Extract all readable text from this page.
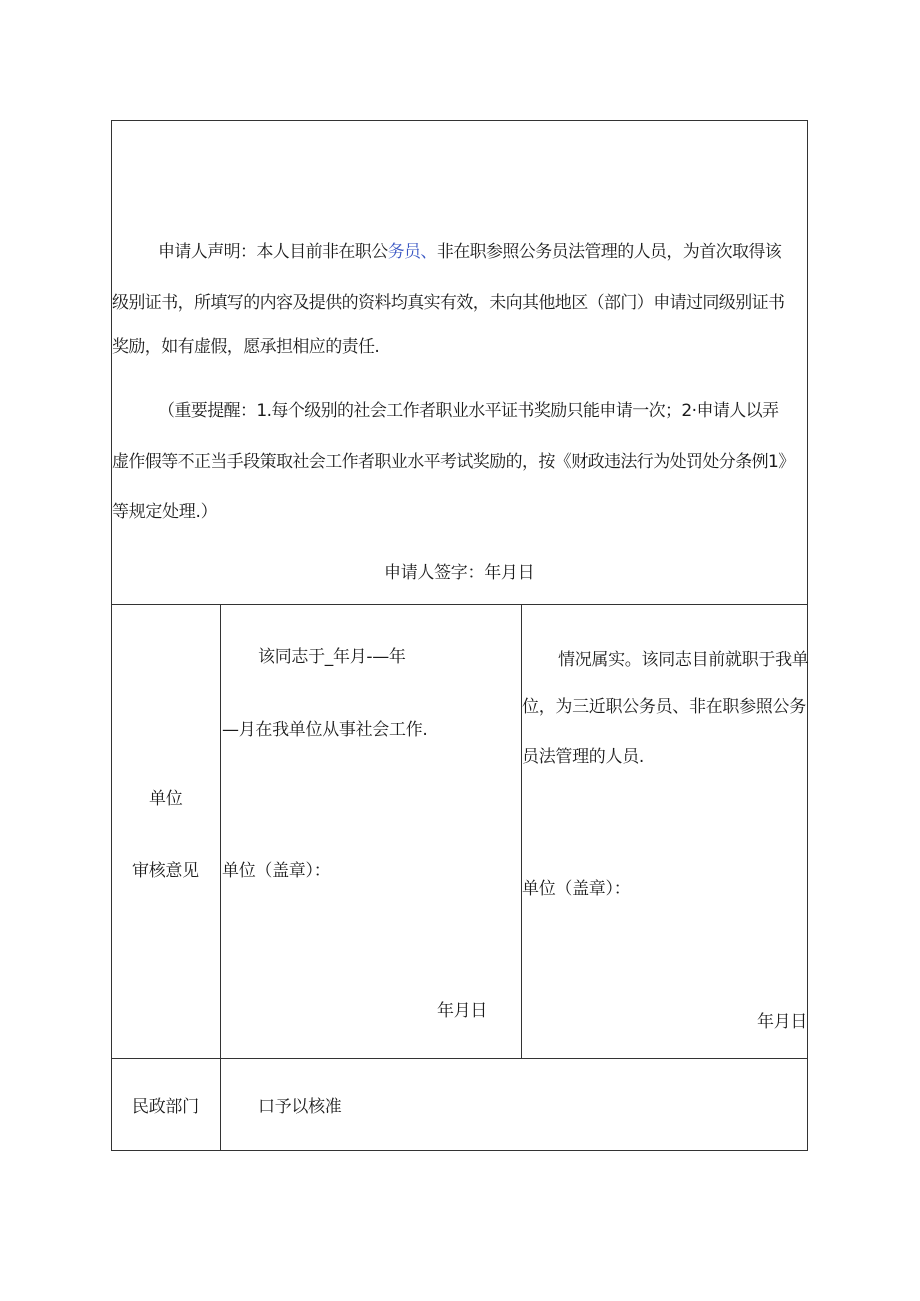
申请人声明：本人目前非在职公务员、非在职参照公务员法管理的人员，为首次取得该
级别证书，所填写的内容及提供的资料均真实有效，未向其他地区（部门）申请过同级别证书
奖励，如有虚假，愿承担相应的责任.
（重要提醒：1.每个级别的社会工作者职业水平证书奖励只能申请一次；2·申请人以弄
虚作假等不正当手段策取社会工作者职业水平考试奖励的，按《财政违法行为处罚处分条例1》
等规定处理.）
申请人签字：年月日
单位
审核意见
该同志于_年月-—年
—月在我单位从事社会工作.
单位（盖章）：
年月日
情况属实。该同志目前就职于我单
位，为三近职公务员、非在职参照公务
员法管理的人员.
单位（盖章）：
年月日
民政部门	口予以核准
